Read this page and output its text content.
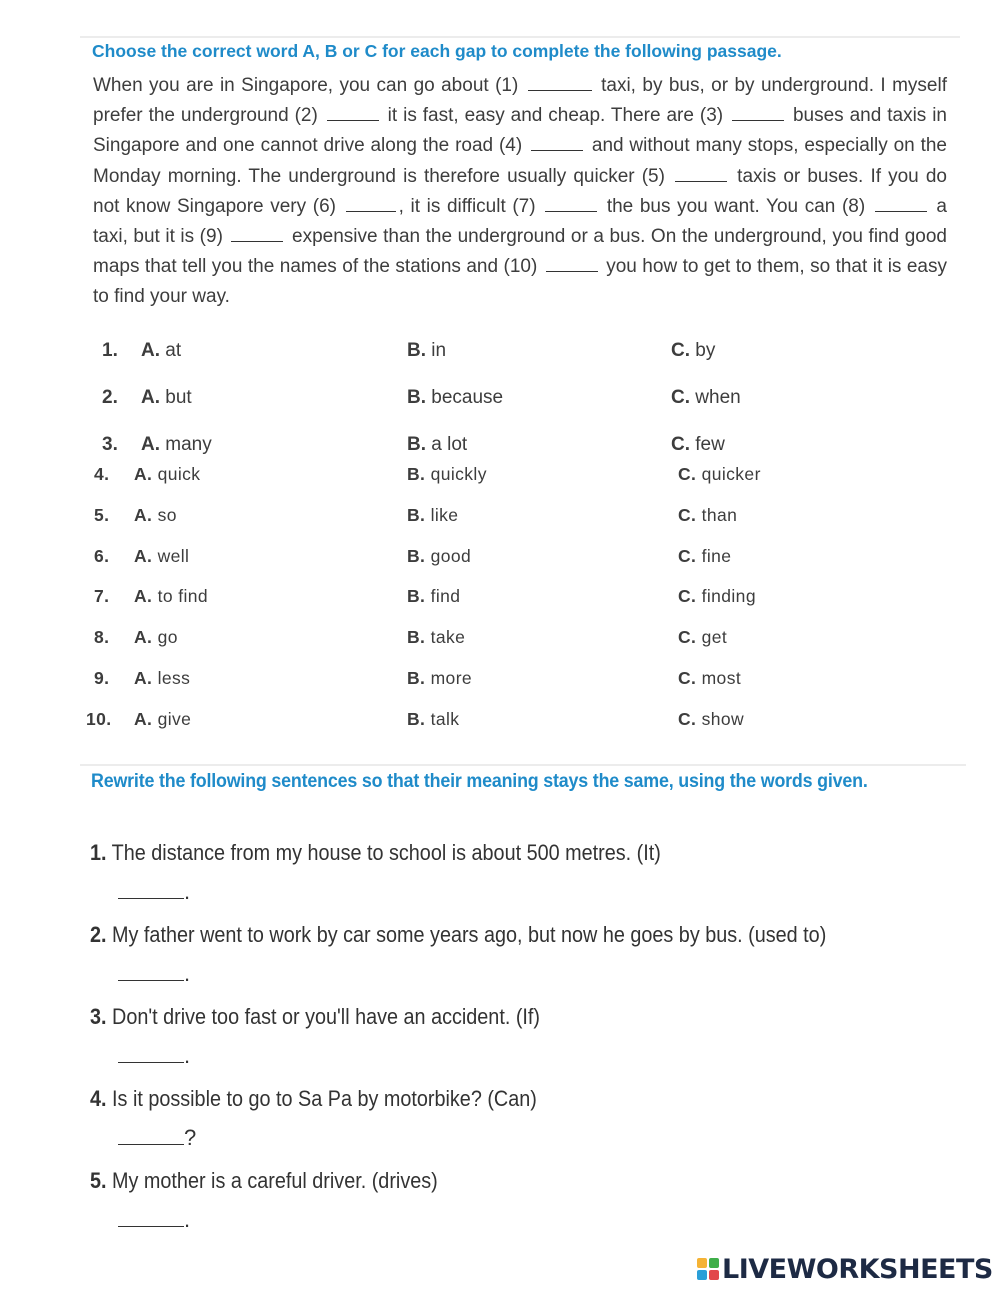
Choose the correct word A, B or C for each gap to complete the following passage.

When you are in Singapore, you can go about (1)	taxi, by bus, or by underground. I myself prefer the underground (2)	it is fast, easy and cheap. There are (3)	buses and taxis in Singapore and one cannot drive along the road (4)	and without many stops, especially on the Monday morning. The underground is therefore usually quicker (5)	taxis or buses. If you do not know Singapore very (6)	, it is difficult (7)	the bus you want. You can (8)	a taxi, but it is (9)	expensive than the underground or a bus. On the underground, you find good maps that tell you the names of the stations and (10)	you how to get to them, so that it is easy to find your way.

1. A. at	B. in	C. by
2. A. but	B. because	C. when
3. A. many	B. a lot	C. few
4. A. quick	B. quickly	C. quicker
5. A. so	B. like	C. than
6. A. well	B. good	C. fine
7. A. to find	B. find	C. finding
8. A. go	B. take	C. get
9. A. less	B. more	C. most
10. A. give	B. talk	C. show
Rewrite the following sentences so that their meaning stays the same, using the words given.
1. The distance from my house to school is about 500 metres. (It)
.
2. My father went to work by car some years ago, but now he goes by bus. (used to)
.
3. Don't drive too fast or you'll have an accident. (If)
.
4. Is it possible to go to Sa Pa by motorbike? (Can)
?
5. My mother is a careful driver. (drives)
.
LIVEWORKSHEETS
